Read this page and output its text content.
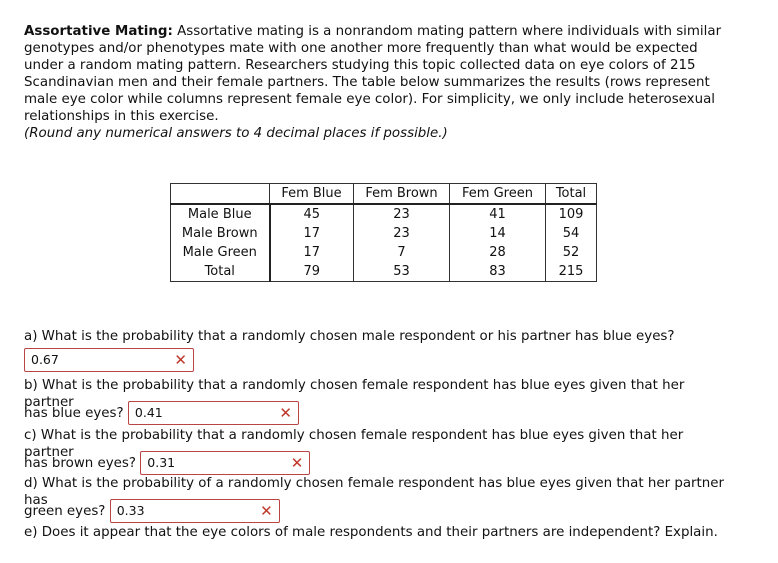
Assortative Mating: Assortative mating is a nonrandom mating pattern where individuals with similar genotypes and/or phenotypes mate with one another more frequently than what would be expected under a random mating pattern. Researchers studying this topic collected data on eye colors of 215 Scandinavian men and their female partners. The table below summarizes the results (rows represent male eye color while columns represent female eye color). For simplicity, we only include heterosexual relationships in this exercise.
(Round any numerical answers to 4 decimal places if possible.)
	Fem Blue	Fem Brown	Fem Green	Total
Male Blue	45	23	41	109
Male Brown	17	23	14	54
Male Green	17	7	28	52
Total	79	53	83	215
a) What is the probability that a randomly chosen male respondent or his partner has blue eyes?
0.67	✕
b) What is the probability that a randomly chosen female respondent has blue eyes given that her partner
has blue eyes? 0.41	✕
c) What is the probability that a randomly chosen female respondent has blue eyes given that her partner
has brown eyes? 0.31	✕
d) What is the probability of a randomly chosen female respondent has blue eyes given that her partner has
green eyes? 0.33	✕
e) Does it appear that the eye colors of male respondents and their partners are independent? Explain.
